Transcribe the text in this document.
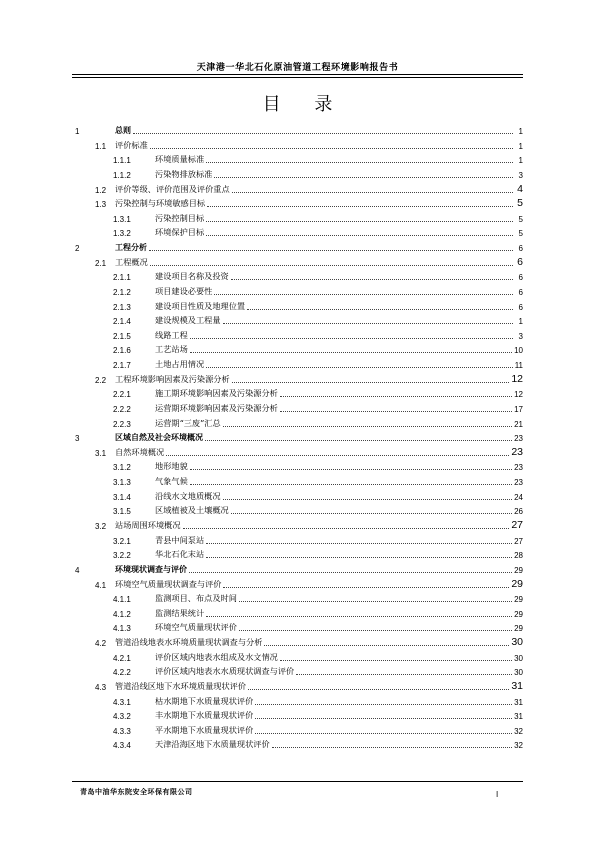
天津港一华北石化原油管道工程环境影响报告书
目 录
1	总则	1
1.1	评价标准	1
1.1.1	环境质量标准	1
1.1.2	污染物排放标准	3
1.2	评价等级、评价范围及评价重点	4
1.3	污染控制与环境敏感目标	5
1.3.1	污染控制目标	5
1.3.2	环境保护目标	5
2	工程分析	6
2.1	工程概况	6
2.1.1	建设项目名称及投资	6
2.1.2	项目建设必要性	6
2.1.3	建设项目性质及地理位置	6
2.1.4	建设规模及工程量	1
2.1.5	线路工程	3
2.1.6	工艺站场	10
2.1.7	土地占用情况	11
2.2	工程环境影响因素及污染源分析	12
2.2.1	施工期环境影响因素及污染源分析	12
2.2.2	运营期环境影响因素及污染源分析	17
2.2.3	运营期“三废”汇总	21
3	区域自然及社会环境概况	23
3.1	自然环境概况	23
3.1.2	地形地貌	23
3.1.3	气象气候	23
3.1.4	沿线水文地质概况	24
3.1.5	区域植被及土壤概况	26
3.2	站场周围环境概况	27
3.2.1	青县中间泵站	27
3.2.2	华北石化末站	28
4	环境现状调查与评价	29
4.1	环境空气质量现状调查与评价	29
4.1.1	监测项目、布点及时间	29
4.1.2	监测结果统计	29
4.1.3	环境空气质量现状评价	29
4.2	管道沿线地表水环境质量现状调查与分析	30
4.2.1	评价区域内地表水组成及水文情况	30
4.2.2	评价区域内地表水水质现状调查与评价	30
4.3	管道沿线区地下水环境质量现状评价	31
4.3.1	枯水期地下水质量现状评价	31
4.3.2	丰水期地下水质量现状评价	31
4.3.3	平水期地下水质量现状评价	32
4.3.4	天津沿海区地下水质量现状评价	32
青岛中油华东院安全环保有限公司	I
